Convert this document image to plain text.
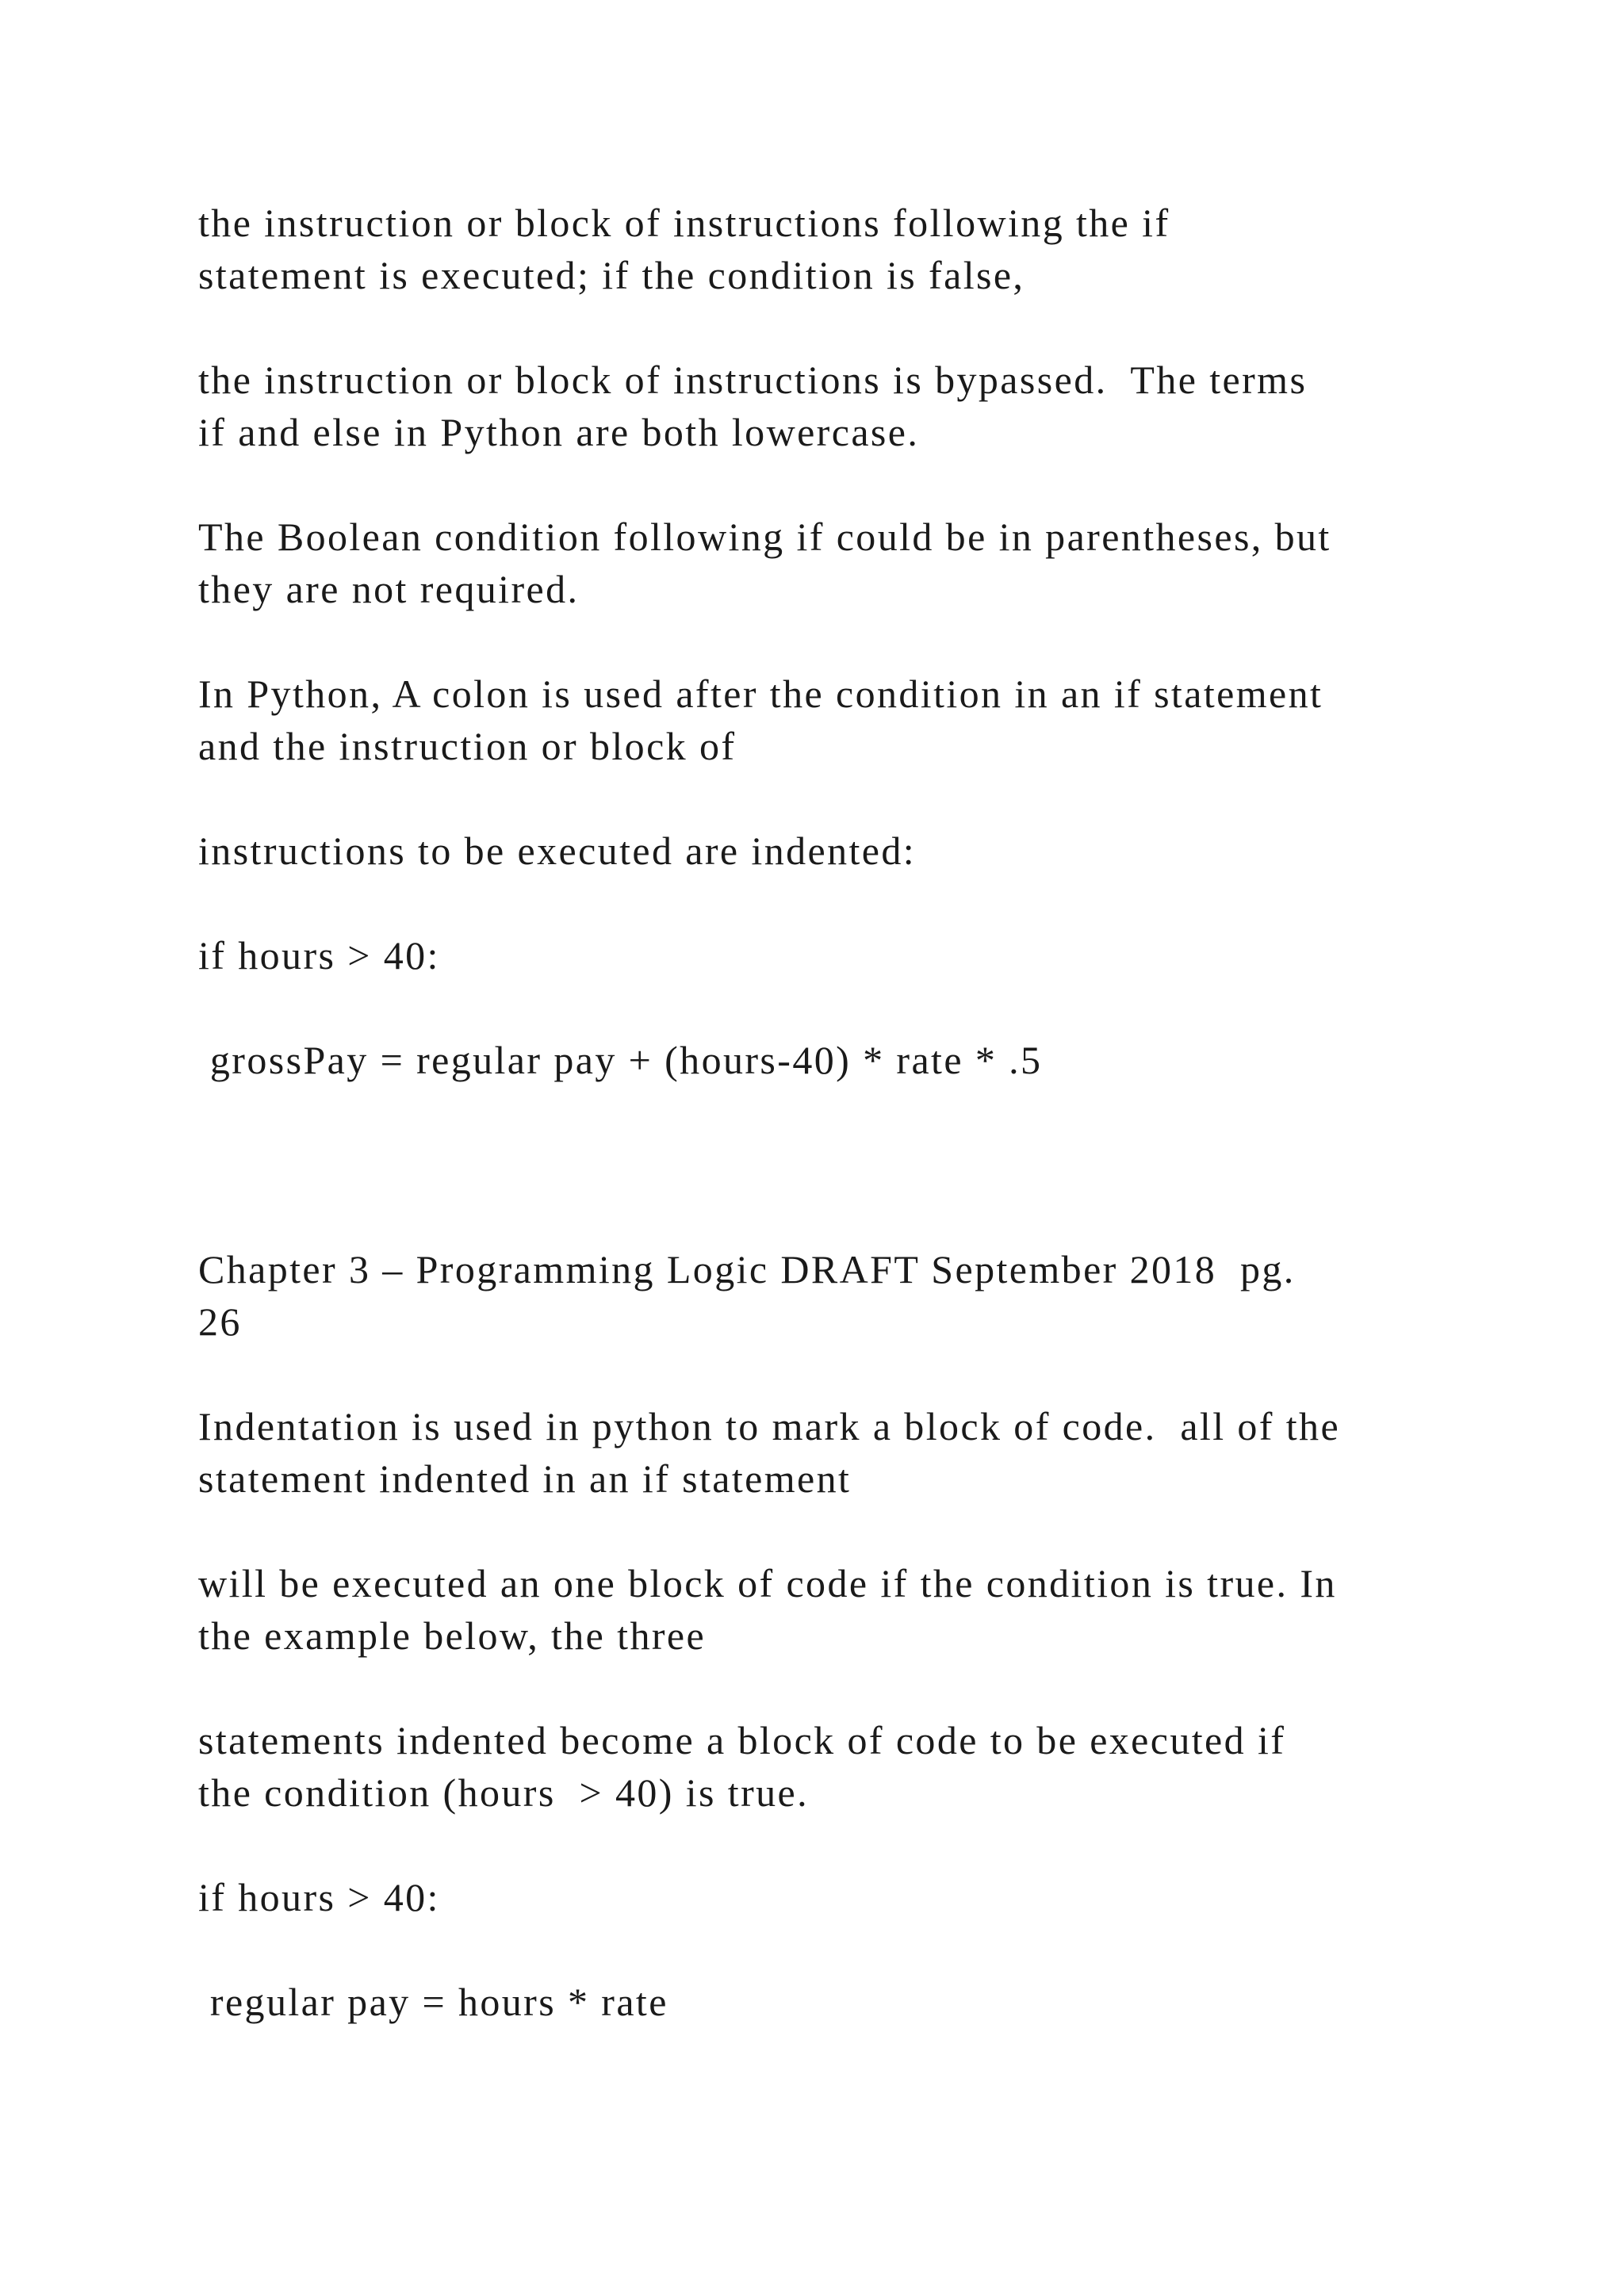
the instruction or block of instructions following the if

statement is executed; if the condition is false,

the instruction or block of instructions is bypassed.  The terms

if and else in Python are both lowercase.

The Boolean condition following if could be in parentheses, but

they are not required.

In Python, A colon is used after the condition in an if statement

and the instruction or block of

instructions to be executed are indented:

if hours > 40:

grossPay = regular pay + (hours-40) * rate * .5

Chapter 3 – Programming Logic DRAFT September 2018  pg.

26

Indentation is used in python to mark a block of code.  all of the

statement indented in an if statement

will be executed an one block of code if the condition is true. In

the example below, the three

statements indented become a block of code to be executed if

the condition (hours  > 40) is true.

if hours > 40:

regular pay = hours * rate
